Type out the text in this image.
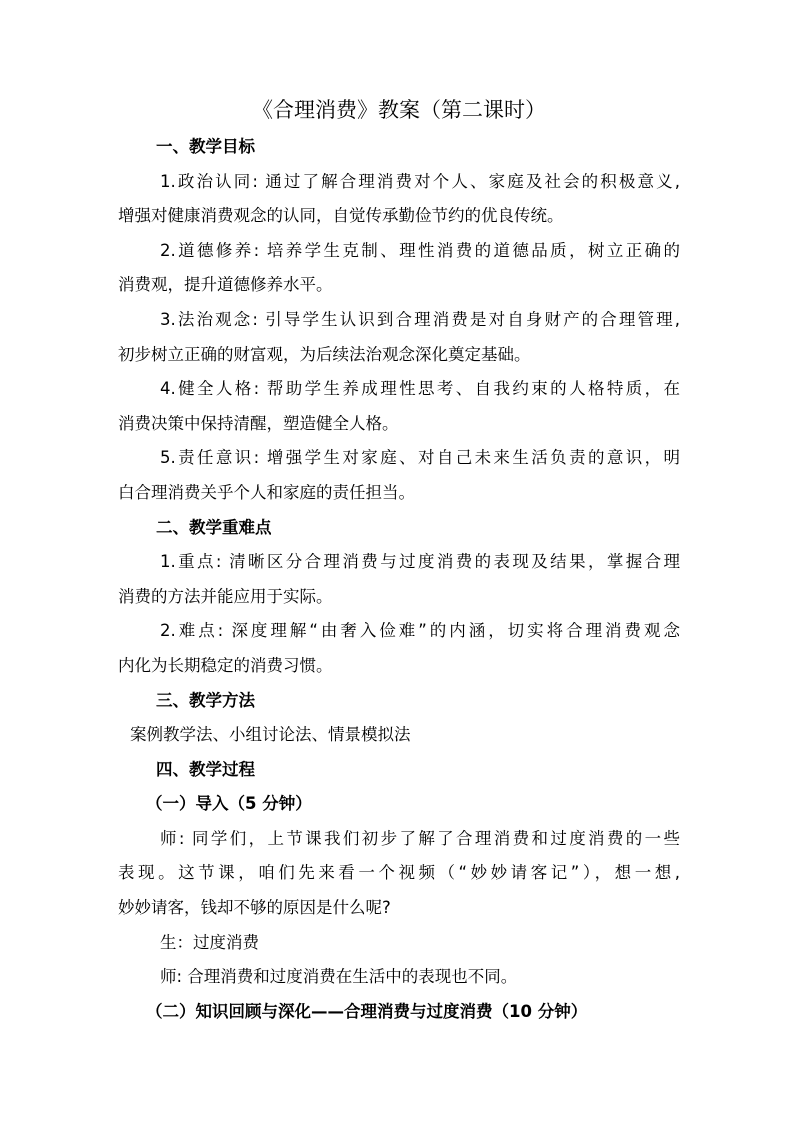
《合理消费》教案（第二课时）
一、教学目标
1.政治认同: 通过了解合理消费对个人、家庭及社会的积极意义,
增强对健康消费观念的认同，自觉传承勤俭节约的优良传统。
2.道德修养: 培养学生克制、理性消费的道德品质，树立正确的
消费观，提升道德修养水平。
3.法治观念: 引导学生认识到合理消费是对自身财产的合理管理,
初步树立正确的财富观，为后续法治观念深化奠定基础。
4.健全人格: 帮助学生养成理性思考、自我约束的人格特质，在
消费决策中保持清醒，塑造健全人格。
5.责任意识: 增强学生对家庭、对自己未来生活负责的意识，明
白合理消费关乎个人和家庭的责任担当。
二、教学重难点
1.重点: 清晰区分合理消费与过度消费的表现及结果，掌握合理
消费的方法并能应用于实际。
2.难点: 深度理解“由奢入俭难”的内涵，切实将合理消费观念
内化为长期稳定的消费习惯。
三、教学方法
案例教学法、小组讨论法、情景模拟法
四、教学过程
（一）导入（5 分钟）
师: 同学们，上节课我们初步了解了合理消费和过度消费的一些
表现。这节课，咱们先来看一个视频（“妙妙请客记”），想一想,
妙妙请客，钱却不够的原因是什么呢?
生：过度消费
师: 合理消费和过度消费在生活中的表现也不同。
（二）知识回顾与深化——合理消费与过度消费（10 分钟）
